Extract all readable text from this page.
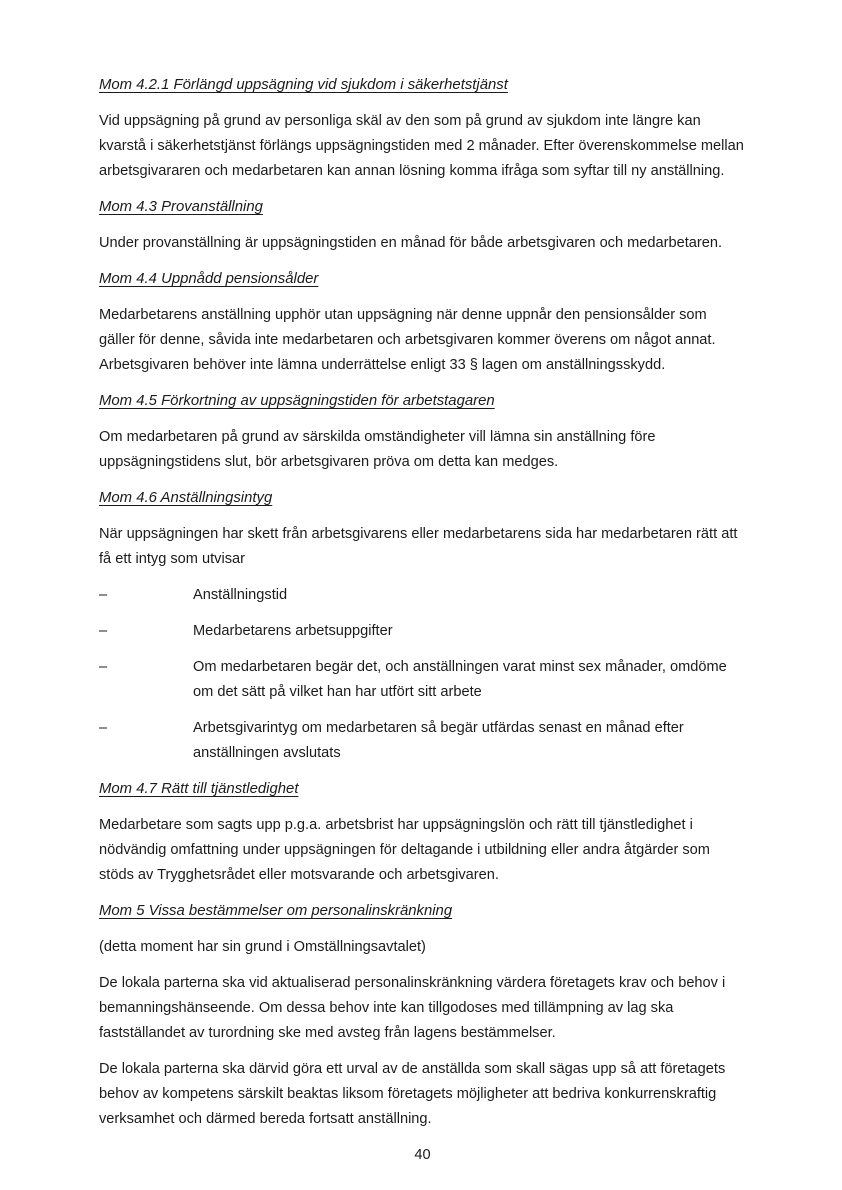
Mom 4.2.1 Förlängd uppsägning vid sjukdom i säkerhetstjänst

Vid uppsägning på grund av personliga skäl av den som på grund av sjukdom inte längre kan kvarstå i säkerhetstjänst förlängs uppsägningstiden med 2 månader. Efter överenskommelse mellan arbetsgivararen och medarbetaren kan annan lösning komma ifråga som syftar till ny anställning.

Mom 4.3 Provanställning

Under provanställning är uppsägningstiden en månad för både arbetsgivaren och medarbetaren.

Mom 4.4 Uppnådd pensionsålder

Medarbetarens anställning upphör utan uppsägning när denne uppnår den pensionsålder som gäller för denne, såvida inte medarbetaren och arbetsgivaren kommer överens om något annat. Arbetsgivaren behöver inte lämna underrättelse enligt 33 § lagen om anställningsskydd.

Mom 4.5 Förkortning av uppsägningstiden för arbetstagaren

Om medarbetaren på grund av särskilda omständigheter vill lämna sin anställning före uppsägningstidens slut, bör arbetsgivaren pröva om detta kan medges.

Mom 4.6 Anställningsintyg

När uppsägningen har skett från arbetsgivarens eller medarbetarens sida har medarbetaren rätt att få ett intyg som utvisar

–	Anställningstid
–	Medarbetarens arbetsuppgifter
–	Om medarbetaren begär det, och anställningen varat minst sex månader, omdöme om det sätt på vilket han har utfört sitt arbete
–	Arbetsgivarintyg om medarbetaren så begär utfärdas senast en månad efter anställningen avslutats
Mom 4.7 Rätt till tjänstledighet

Medarbetare som sagts upp p.g.a. arbetsbrist har uppsägningslön och rätt till tjänstledighet i nödvändig omfattning under uppsägningen för deltagande i utbildning eller andra åtgärder som stöds av Trygghetsrådet eller motsvarande och arbetsgivaren.

Mom 5 Vissa bestämmelser om personalinskränkning

(detta moment har sin grund i Omställningsavtalet)

De lokala parterna ska vid aktualiserad personalinskränkning värdera företagets krav och behov i bemanningshänseende. Om dessa behov inte kan tillgodoses med tillämpning av lag ska fastställandet av turordning ske med avsteg från lagens bestämmelser.

De lokala parterna ska därvid göra ett urval av de anställda som skall sägas upp så att företagets behov av kompetens särskilt beaktas liksom företagets möjligheter att bedriva konkurrenskraftig verksamhet och därmed bereda fortsatt anställning.

40
